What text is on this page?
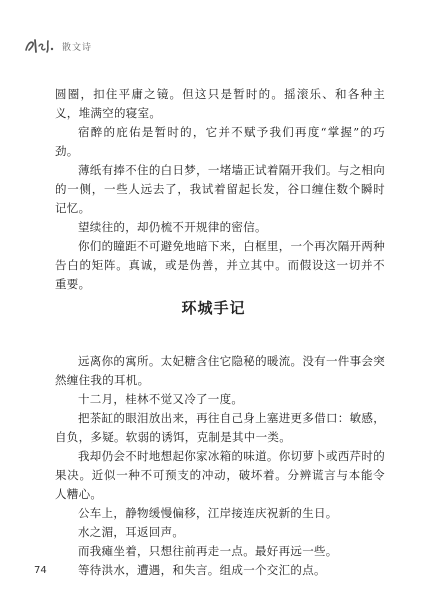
散文诗

圆圈，扣住平庸之镜。但这只是暂时的。摇滚乐、和各种主义，堆满空的寝室。

宿醉的庇佑是暂时的，它并不赋予我们再度“掌握”的巧劲。

薄纸有捧不住的白日梦，一堵墙正试着隔开我们。与之相向的一侧，一些人远去了，我试着留起长发，谷口缠住数个瞬时记忆。

望续往的，却仍梳不开规律的密信。

你们的瞳距不可避免地暗下来，白框里，一个再次隔开两种告白的矩阵。真诚，或是伪善，并立其中。而假设这一切并不重要。

环城手记

远离你的寓所。太妃糖含住它隐秘的暖流。没有一件事会突然缠住我的耳机。

十二月，桂林不觉又冷了一度。

把茶缸的眼泪放出来，再往自己身上塞进更多借口：敏感，自负，多疑。软弱的诱饵，克制是其中一类。

我却仍会不时地想起你家冰箱的味道。你切萝卜或西芹时的果决。近似一种不可预支的冲动，破坏着。分辨谎言与本能令人糟心。

公车上，静物缓慢偏移，江岸接连庆祝新的生日。

水之湄，耳返回声。

而我瘫坐着，只想往前再走一点。最好再远一些。

等待洪水，遭遇，和失言。组成一个交汇的点。

74
